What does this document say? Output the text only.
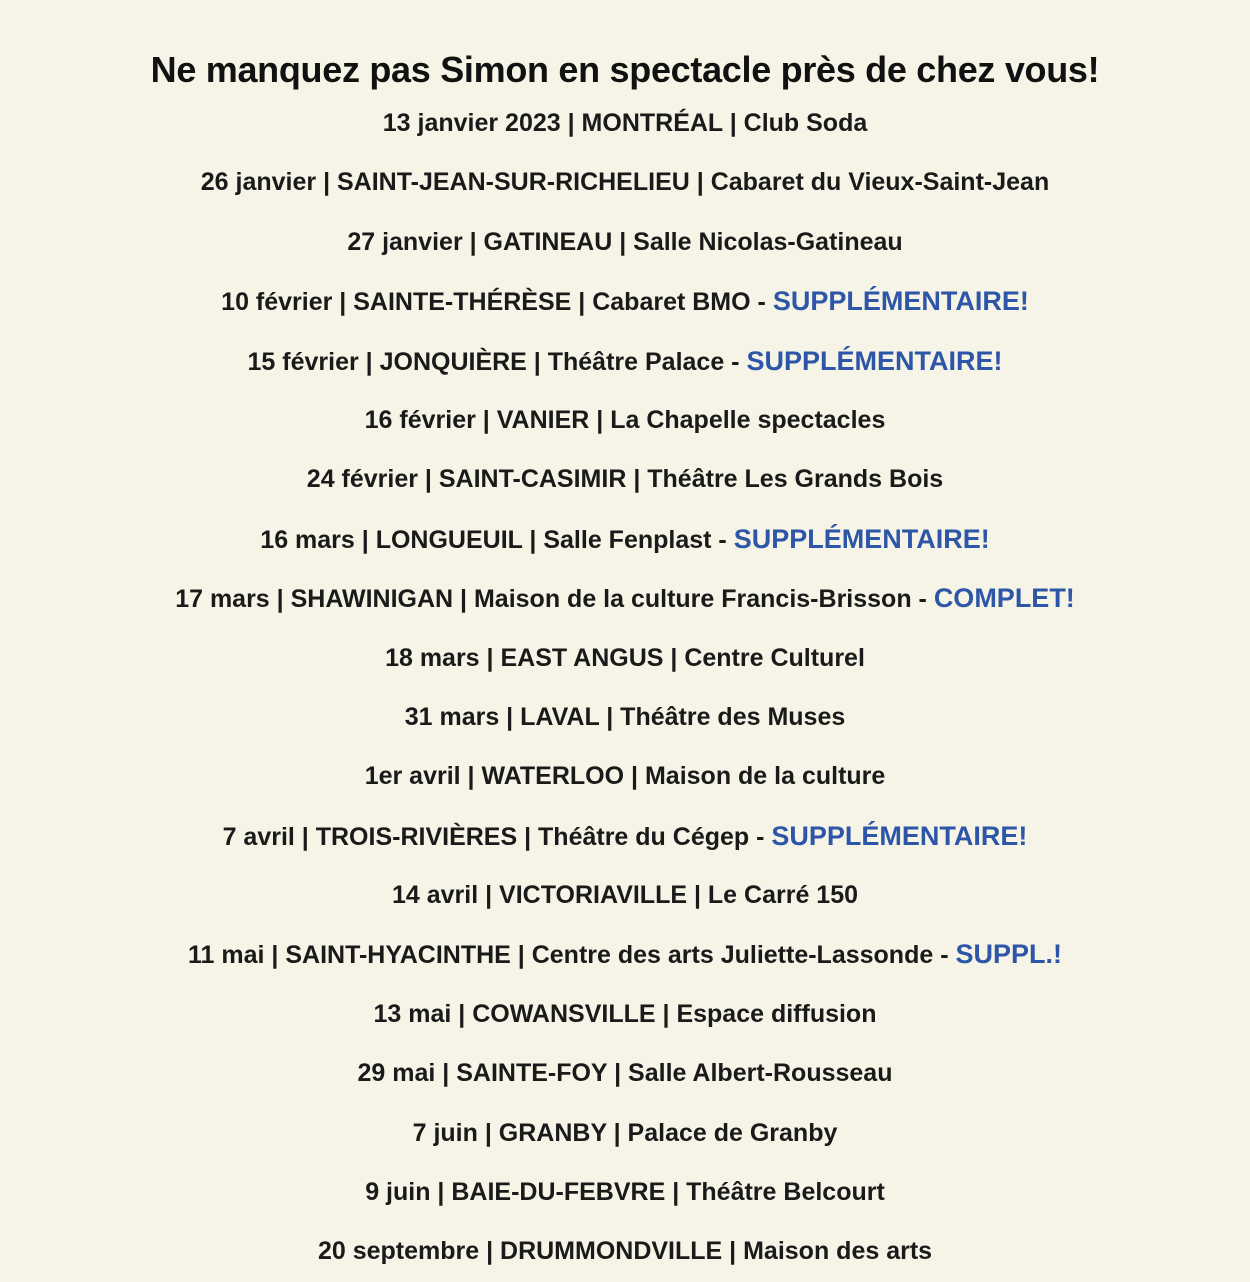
Ne manquez pas Simon en spectacle près de chez vous!
13 janvier 2023 | MONTRÉAL | Club Soda
26 janvier | SAINT-JEAN-SUR-RICHELIEU | Cabaret du Vieux-Saint-Jean
27 janvier | GATINEAU | Salle Nicolas-Gatineau
10 février | SAINTE-THÉRÈSE | Cabaret BMO - SUPPLÉMENTAIRE!
15 février | JONQUIÈRE | Théâtre Palace - SUPPLÉMENTAIRE!
16 février | VANIER | La Chapelle spectacles
24 février | SAINT-CASIMIR | Théâtre Les Grands Bois
16 mars | LONGUEUIL | Salle Fenplast - SUPPLÉMENTAIRE!
17 mars | SHAWINIGAN | Maison de la culture Francis-Brisson - COMPLET!
18 mars | EAST ANGUS | Centre Culturel
31 mars | LAVAL | Théâtre des Muses
1er avril | WATERLOO | Maison de la culture
7 avril | TROIS-RIVIÈRES | Théâtre du Cégep - SUPPLÉMENTAIRE!
14 avril | VICTORIAVILLE | Le Carré 150
11 mai | SAINT-HYACINTHE | Centre des arts Juliette-Lassonde - SUPPL.!
13 mai | COWANSVILLE | Espace diffusion
29 mai | SAINTE-FOY | Salle Albert-Rousseau
7 juin | GRANBY | Palace de Granby
9 juin | BAIE-DU-FEBVRE | Théâtre Belcourt
20 septembre | DRUMMONDVILLE | Maison des arts
